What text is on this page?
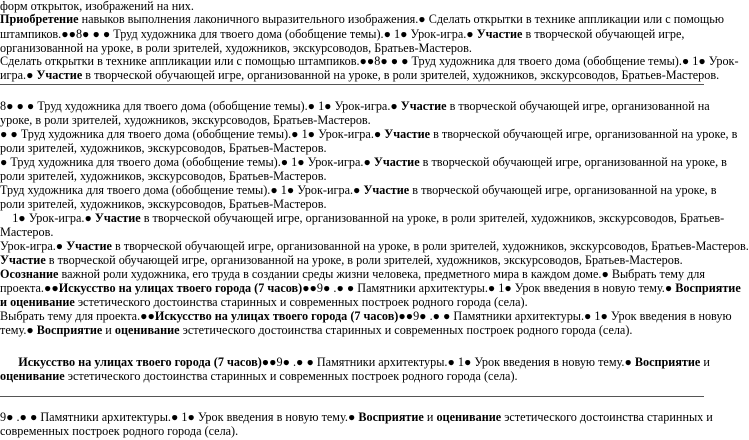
форм открыток, изображений на них.
Приобретение навыков выполнения лаконичного выразительного изображения.● Сделать открытки в технике аппликации или с помощью
штампиков.●●8● ● ● Труд художника для твоего дома (обобщение темы).● 1● Урок-игра.● Участие в творческой обучающей игре,
организованной на уроке, в роли зрителей, художников, экскурсоводов, Братьев-Мастеров.
Сделать открытки в технике аппликации или с помощью штампиков.●●8● ● ● Труд художника для твоего дома (обобщение темы).● 1● Урок-
игра.● Участие в творческой обучающей игре, организованной на уроке, в роли зрителей, художников, экскурсоводов, Братьев-Мастеров.
8● ● ● Труд художника для твоего дома (обобщение темы).● 1● Урок-игра.● Участие в творческой обучающей игре, организованной на
уроке, в роли зрителей, художников, экскурсоводов, Братьев-Мастеров.
● ● Труд художника для твоего дома (обобщение темы).● 1● Урок-игра.● Участие в творческой обучающей игре, организованной на уроке, в
роли зрителей, художников, экскурсоводов, Братьев-Мастеров.
● Труд художника для твоего дома (обобщение темы).● 1● Урок-игра.● Участие в творческой обучающей игре, организованной на уроке, в
роли зрителей, художников, экскурсоводов, Братьев-Мастеров.
Труд художника для твоего дома (обобщение темы).● 1● Урок-игра.● Участие в творческой обучающей игре, организованной на уроке, в
роли зрителей, художников, экскурсоводов, Братьев-Мастеров.
1● Урок-игра.● Участие в творческой обучающей игре, организованной на уроке, в роли зрителей, художников, экскурсоводов, Братьев-
Мастеров.
Урок-игра.● Участие в творческой обучающей игре, организованной на уроке, в роли зрителей, художников, экскурсоводов, Братьев-Мастеров.
Участие в творческой обучающей игре, организованной на уроке, в роли зрителей, художников, экскурсоводов, Братьев-Мастеров.
Осознание важной роли художника, его труда в создании среды жизни человека, предметного мира в каждом доме.● Выбрать тему для
проекта.●●Искусство на улицах твоего города (7 часов)●●9● .● ● Памятники архитектуры.● 1● Урок введения в новую тему.● Восприятие
и оценивание эстетического достоинства старинных и современных построек родного города (села).
Выбрать тему для проекта.●●Искусство на улицах твоего города (7 часов)●●9● .● ● Памятники архитектуры.● 1● Урок введения в новую
тему.● Восприятие и оценивание эстетического достоинства старинных и современных построек родного города (села).
Искусство на улицах твоего города (7 часов)●●9● .● ● Памятники архитектуры.● 1● Урок введения в новую тему.● Восприятие и
оценивание эстетического достоинства старинных и современных построек родного города (села).
9● .● ● Памятники архитектуры.● 1● Урок введения в новую тему.● Восприятие и оценивание эстетического достоинства старинных и
современных построек родного города (села).
